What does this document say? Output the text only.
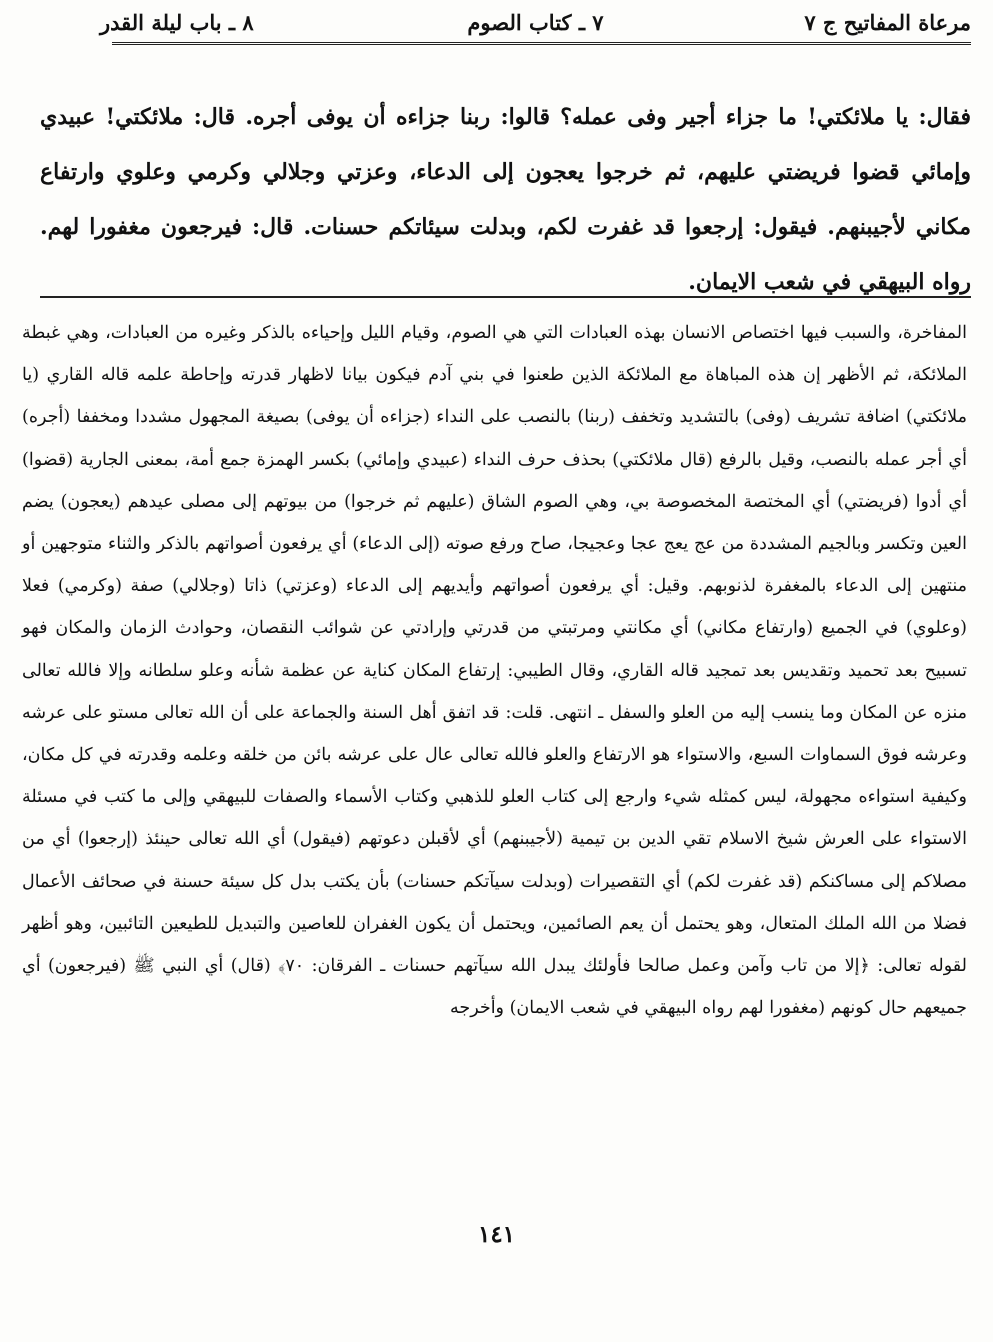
مرعاة المفاتيح ج ٧
٧ ـ كتاب الصوم
٨ ـ باب ليلة القدر

فقال: يا ملائكتي! ما جزاء أجير وفى عمله؟ قالوا: ربنا جزاءه أن يوفى أجره. قال: ملائكتي! عبيدي وإمائي قضوا فريضتي عليهم، ثم خرجوا يعجون إلى الدعاء، وعزتي وجلالي وكرمي وعلوي وارتفاع مكاني لأجيبنهم. فيقول: إرجعوا قد غفرت لكم، وبدلت سيئاتكم حسنات. قال: فيرجعون مغفورا لهم. رواه البيهقي في شعب الايمان.

المفاخرة، والسبب فيها اختصاص الانسان بهذه العبادات التي هي الصوم، وقيام الليل وإحياءه بالذكر وغيره من العبادات، وهي غبطة الملائكة، ثم الأظهر إن هذه المباهاة مع الملائكة الذين طعنوا في بني آدم فيكون بيانا لاظهار قدرته وإحاطة علمه قاله القاري (يا ملائكتي) اضافة تشريف (وفى) بالتشديد وتخفف (ربنا) بالنصب على النداء (جزاءه أن يوفى) بصيغة المجهول مشددا ومخففا (أجره) أي أجر عمله بالنصب، وقيل بالرفع (قال ملائكتي) بحذف حرف النداء (عبيدي وإمائي) بكسر الهمزة جمع أمة، بمعنى الجارية (قضوا) أي أدوا (فريضتي) أي المختصة المخصوصة بي، وهي الصوم الشاق (عليهم ثم خرجوا) من بيوتهم إلى مصلى عيدهم (يعجون) يضم العين وتكسر وبالجيم المشددة من عج يعج عجا وعجيجا، صاح ورفع صوته (إلى الدعاء) أي يرفعون أصواتهم بالذكر والثناء متوجهين أو منتهين إلى الدعاء بالمغفرة لذنوبهم. وقيل: أي يرفعون أصواتهم وأيديهم إلى الدعاء (وعزتي) ذاتا (وجلالي) صفة (وكرمي) فعلا (وعلوي) في الجميع (وارتفاع مكاني) أي مكانتي ومرتبتي من قدرتي وإرادتي عن شوائب النقصان، وحوادث الزمان والمكان فهو تسبيح بعد تحميد وتقديس بعد تمجيد قاله القاري، وقال الطيبي: إرتفاع المكان كناية عن عظمة شأنه وعلو سلطانه وإلا فالله تعالى منزه عن المكان وما ينسب إليه من العلو والسفل ـ انتهى. قلت: قد اتفق أهل السنة والجماعة على أن الله تعالى مستو على عرشه وعرشه فوق السماوات السبع، والاستواء هو الارتفاع والعلو فالله تعالى عال على عرشه بائن من خلقه وعلمه وقدرته في كل مكان، وكيفية استواءه مجهولة، ليس كمثله شيء وارجع إلى كتاب العلو للذهبي وكتاب الأسماء والصفات للبيهقي وإلى ما كتب في مسئلة الاستواء على العرش شيخ الاسلام تقي الدين بن تيمية (لأجيبنهم) أي لأقبلن دعوتهم (فيقول) أي الله تعالى حينئذ (إرجعوا) أي من مصلاكم إلى مساكنكم (قد غفرت لكم) أي التقصيرات (وبدلت سيآتكم حسنات) بأن يكتب بدل كل سيئة حسنة في صحائف الأعمال فضلا من الله الملك المتعال، وهو يحتمل أن يعم الصائمين، ويحتمل أن يكون الغفران للعاصين والتبديل للطيعين التائبين، وهو أظهر لقوله تعالى: ﴿إلا من تاب وآمن وعمل صالحا فأولئك يبدل الله سيآتهم حسنات ـ الفرقان: ٧٠﴾ (قال) أي النبي ﷺ (فيرجعون) أي جميعهم حال كونهم (مغفورا لهم رواه البيهقي في شعب الايمان) وأخرجه

١٤١
